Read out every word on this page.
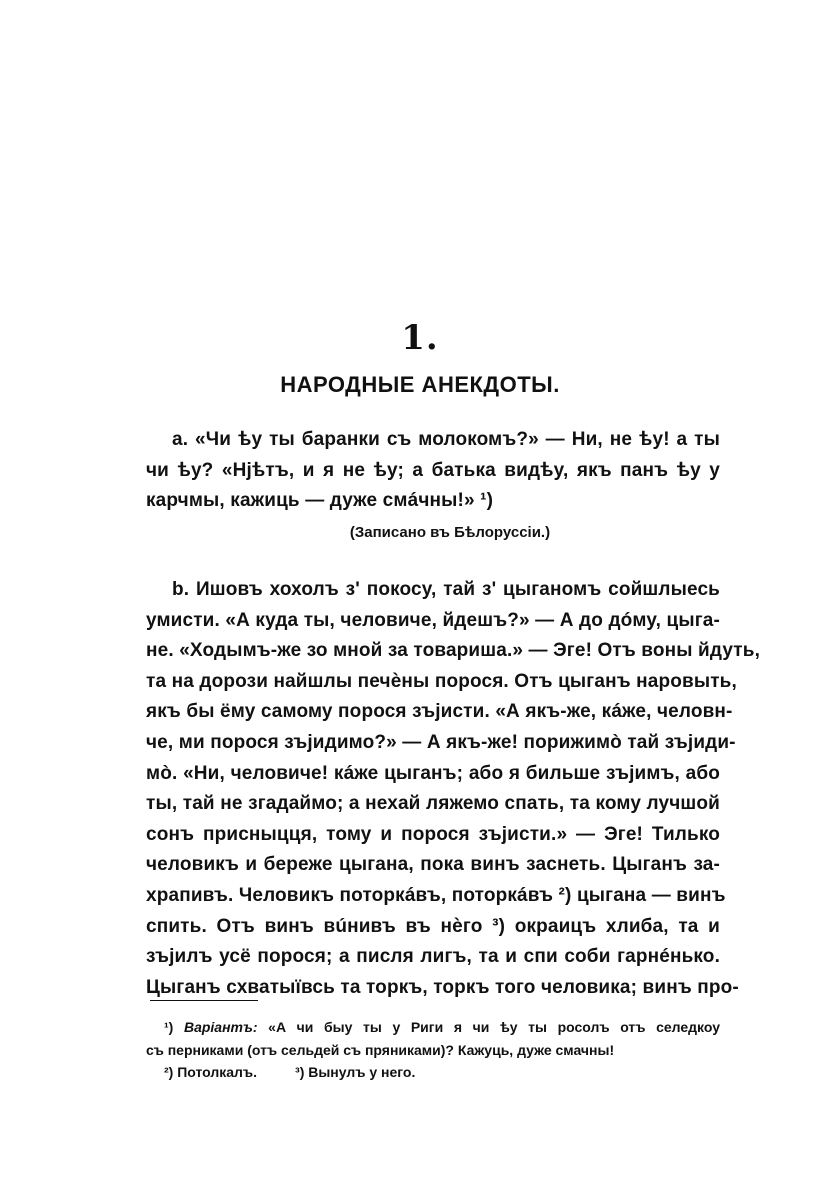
1.
НАРОДНЫЕ АНЕКДОТЫ.
a. «Чи ѣу ты баранки съ молокомъ?» — Ни, не ѣу! а ты
чи ѣу? «Нjѣтъ, и я не ѣу; а батька видѣу, якъ панъ ѣу у
карчмы, кажиць — дуже смáчны!» ¹)
(Записано въ Бѣлоруссіи.)
b. Ишовъ хохолъ з' покосу, тай з' цыганомъ сойшлыесь
умисти. «А куда ты, человиче, йдешъ?» — А до дóму, цыга-
не. «Ходымъ-же зо мной за товариша.» — Эге! Отъ воны йдуть,
та на дорози найшлы печѐны порося. Отъ цыганъ наровыть,
якъ бы ёму самому порося зъjисти. «А якъ-же, кáже, человн-
че, ми порося зъjидимо?» — А якъ-же! порижимò тай зъjиди-
мò. «Ни, человиче! кáже цыганъ; або я бильше зъjимъ, або
ты, тай не згадаймо; а нехай ляжемо спать, та кому лучшой
сонъ присныцця, тому и порося зъjисти.» — Эге! Тилько
человикъ и береже цыгана, пока винъ заснеть. Цыганъ за-
храпивъ. Человикъ поторкáвъ, поторкáвъ ²) цыгана — винъ
спить. Отъ винъ вúнивъ въ нѐго ³) окраицъ хлиба, та и
зъjилъ усё порося; а писля лигъ, та и спи соби гарнéнько.
Цыганъ схватыївсь та торкъ, торкъ того человика; винъ про-
¹) Варіантъ: «А чи быу ты у Риги я чи ѣу ты росолъ отъ селедкоу
съ перниками (отъ сельдей съ пряниками)? Кажуць, дуже смачны!
²) Потолкалъ.	³) Вынулъ у него.
